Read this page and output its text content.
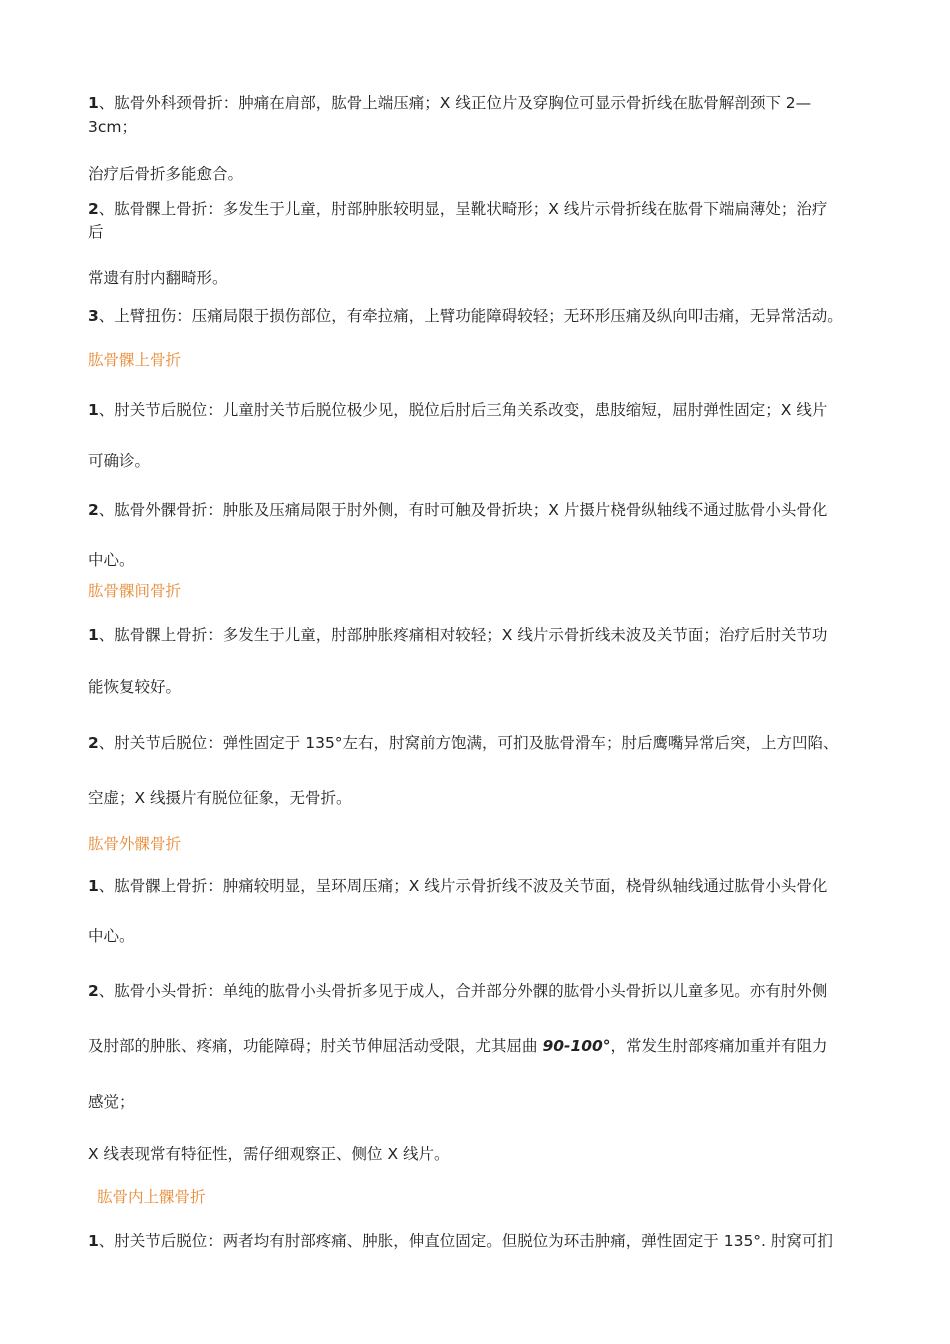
1、肱骨外科颈骨折：肿痛在肩部，肱骨上端压痛；X 线正位片及穿胸位可显示骨折线在肱骨解剖颈下 2—
3cm；
治疗后骨折多能愈合。
2、肱骨髁上骨折：多发生于儿童，肘部肿胀较明显，呈靴状畸形；X 线片示骨折线在肱骨下端扁薄处；治疗
后
常遗有肘内翻畸形。
3、上臂扭伤：压痛局限于损伤部位，有牵拉痛，上臂功能障碍较轻；无环形压痛及纵向叩击痛，无异常活动。
肱骨髁上骨折
1、肘关节后脱位：儿童肘关节后脱位极少见，脱位后肘后三角关系改变，患肢缩短，屈肘弹性固定；X 线片
可确诊。
2、肱骨外髁骨折：肿胀及压痛局限于肘外侧，有时可触及骨折块；X 片摄片桡骨纵轴线不通过肱骨小头骨化
中心。
肱骨髁间骨折
1、肱骨髁上骨折：多发生于儿童，肘部肿胀疼痛相对较轻；X 线片示骨折线未波及关节面；治疗后肘关节功
能恢复较好。
2、肘关节后脱位：弹性固定于 135°左右，肘窝前方饱满，可扪及肱骨滑车；肘后鹰嘴异常后突，上方凹陷、
空虚；X 线摄片有脱位征象，无骨折。
肱骨外髁骨折
1、肱骨髁上骨折：肿痛较明显，呈环周压痛；X 线片示骨折线不波及关节面，桡骨纵轴线通过肱骨小头骨化
中心。
2、肱骨小头骨折：单纯的肱骨小头骨折多见于成人，合并部分外髁的肱骨小头骨折以儿童多见。亦有肘外侧
及肘部的肿胀、疼痛，功能障碍；肘关节伸屈活动受限，尤其屈曲 90-100°，常发生肘部疼痛加重并有阻力
感觉；
X 线表现常有特征性，需仔细观察正、侧位 X 线片。
肱骨内上髁骨折
1、肘关节后脱位：两者均有肘部疼痛、肿胀，伸直位固定。但脱位为环击肿痛，弹性固定于 135°. 肘窝可扪
